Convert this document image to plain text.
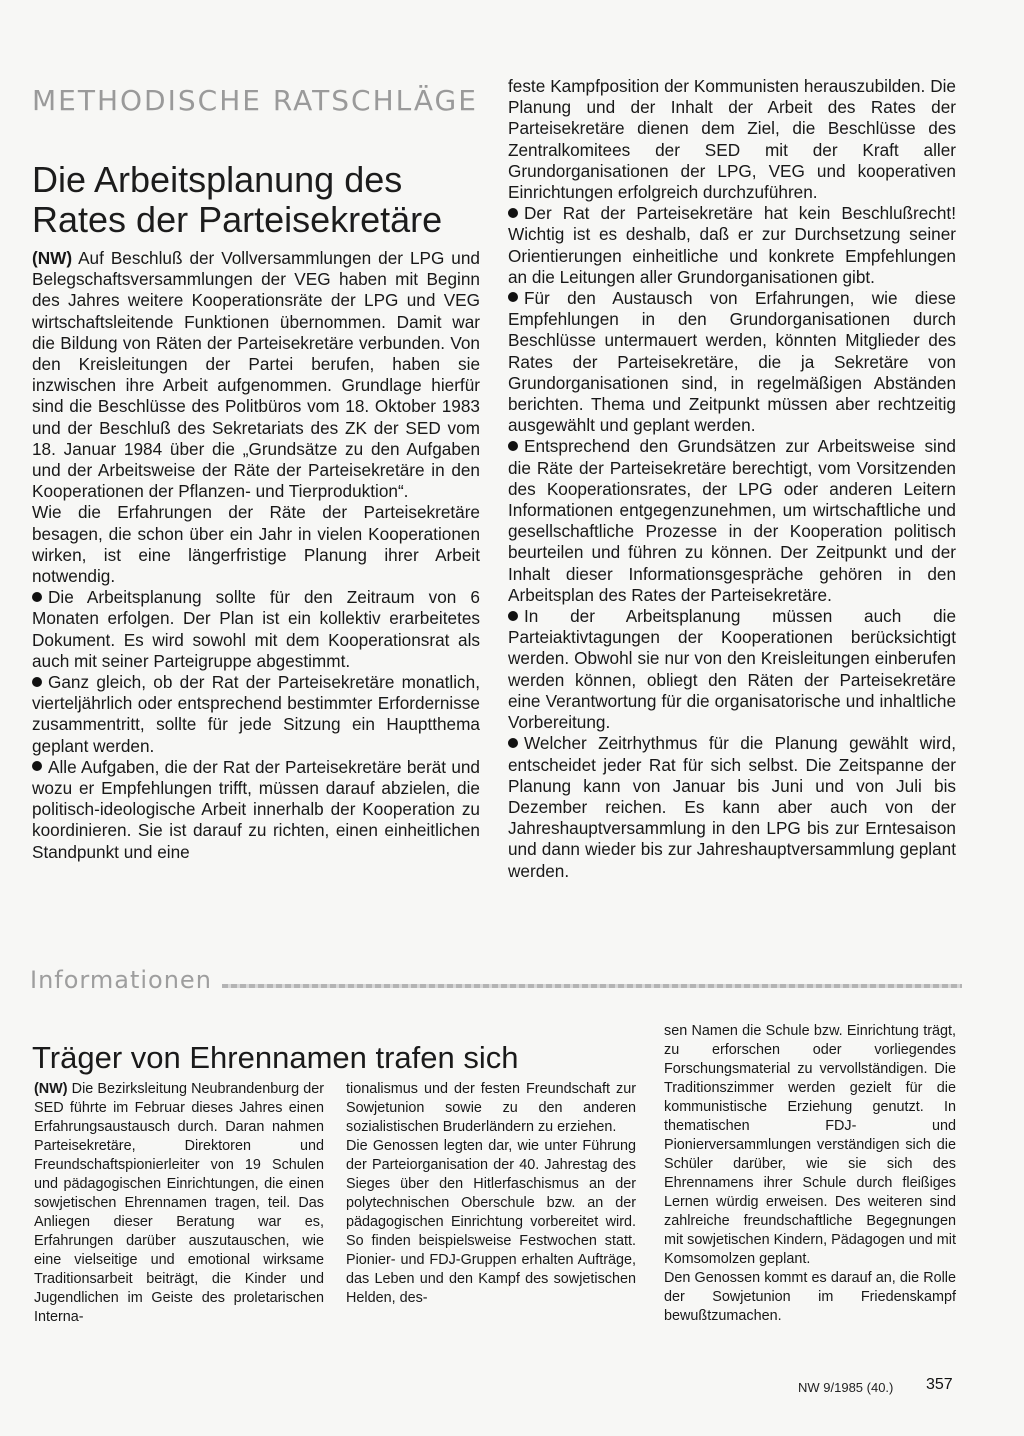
METHODISCHE RATSCHLÄGE
Die Arbeitsplanung des Rates der Parteisekretäre

(NW) Auf Beschluß der Vollversammlungen der LPG und Belegschaftsversammlungen der VEG haben mit Beginn des Jahres weitere Kooperationsräte der LPG und VEG wirtschaftsleitende Funktionen übernommen. Damit war die Bildung von Räten der Parteisekretäre verbunden. Von den Kreisleitungen der Partei berufen, haben sie inzwischen ihre Arbeit aufgenommen. Grundlage hierfür sind die Beschlüsse des Politbüros vom 18. Oktober 1983 und der Beschluß des Sekretariats des ZK der SED vom 18. Januar 1984 über die „Grundsätze zu den Aufgaben und der Arbeitsweise der Räte der Parteisekretäre in den Kooperationen der Pflanzen- und Tierproduktion“.

Wie die Erfahrungen der Räte der Parteisekretäre besagen, die schon über ein Jahr in vielen Kooperationen wirken, ist eine längerfristige Planung ihrer Arbeit notwendig.

Die Arbeitsplanung sollte für den Zeitraum von 6 Monaten erfolgen. Der Plan ist ein kollektiv erarbeitetes Dokument. Es wird sowohl mit dem Kooperationsrat als auch mit seiner Parteigruppe abgestimmt.

Ganz gleich, ob der Rat der Parteisekretäre monatlich, vierteljährlich oder entsprechend bestimmter Erfordernisse zusammentritt, sollte für jede Sitzung ein Hauptthema geplant werden.

Alle Aufgaben, die der Rat der Parteisekretäre berät und wozu er Empfehlungen trifft, müssen darauf abzielen, die politisch-ideologische Arbeit innerhalb der Kooperation zu koordinieren. Sie ist darauf zu richten, einen einheitlichen Standpunkt und eine

feste Kampfposition der Kommunisten herauszubilden. Die Planung und der Inhalt der Arbeit des Rates der Parteisekretäre dienen dem Ziel, die Beschlüsse des Zentralkomitees der SED mit der Kraft aller Grundorganisationen der LPG, VEG und kooperativen Einrichtungen erfolgreich durchzuführen.

Der Rat der Parteisekretäre hat kein Beschlußrecht! Wichtig ist es deshalb, daß er zur Durchsetzung seiner Orientierungen einheitliche und konkrete Empfehlungen an die Leitungen aller Grundorganisationen gibt.

Für den Austausch von Erfahrungen, wie diese Empfehlungen in den Grundorganisationen durch Beschlüsse untermauert werden, könnten Mitglieder des Rates der Parteisekretäre, die ja Sekretäre von Grundorganisationen sind, in regelmäßigen Abständen berichten. Thema und Zeitpunkt müssen aber rechtzeitig ausgewählt und geplant werden.

Entsprechend den Grundsätzen zur Arbeitsweise sind die Räte der Parteisekretäre berechtigt, vom Vorsitzenden des Kooperationsrates, der LPG oder anderen Leitern Informationen entgegenzunehmen, um wirtschaftliche und gesellschaftliche Prozesse in der Kooperation politisch beurteilen und führen zu können. Der Zeitpunkt und der Inhalt dieser Informationsgespräche gehören in den Arbeitsplan des Rates der Parteisekretäre.

In der Arbeitsplanung müssen auch die Parteiaktivtagungen der Kooperationen berücksichtigt werden. Obwohl sie nur von den Kreisleitungen einberufen werden können, obliegt den Räten der Parteisekretäre eine Verantwortung für die organisatorische und inhaltliche Vorbereitung.

Welcher Zeitrhythmus für die Planung gewählt wird, entscheidet jeder Rat für sich selbst. Die Zeitspanne der Planung kann von Januar bis Juni und von Juli bis Dezember reichen. Es kann aber auch von der Jahreshauptversammlung in den LPG bis zur Erntesaison und dann wieder bis zur Jahreshauptversammlung geplant werden.

Informationen
Träger von Ehrennamen trafen sich

(NW) Die Bezirksleitung Neubrandenburg der SED führte im Februar dieses Jahres einen Erfahrungsaustausch durch. Daran nahmen Parteisekretäre, Direktoren und Freundschaftspionierleiter von 19 Schulen und pädagogischen Einrichtungen, die einen sowjetischen Ehrennamen tragen, teil. Das Anliegen dieser Beratung war es, Erfahrungen darüber auszutauschen, wie eine vielseitige und emotional wirksame Traditionsarbeit beiträgt, die Kinder und Jugendlichen im Geiste des proletarischen Interna-

tionalismus und der festen Freundschaft zur Sowjetunion sowie zu den anderen sozialistischen Bruderländern zu erziehen.

Die Genossen legten dar, wie unter Führung der Parteiorganisation der 40. Jahrestag des Sieges über den Hitlerfaschismus an der polytechnischen Oberschule bzw. an der pädagogischen Einrichtung vorbereitet wird. So finden beispielsweise Festwochen statt. Pionier- und FDJ-Gruppen erhalten Aufträge, das Leben und den Kampf des sowjetischen Helden, des-

sen Namen die Schule bzw. Einrichtung trägt, zu erforschen oder vorliegendes Forschungsmaterial zu vervollständigen. Die Traditionszimmer werden gezielt für die kommunistische Erziehung genutzt. In thematischen FDJ- und Pionierversammlungen verständigen sich die Schüler darüber, wie sie sich des Ehrennamens ihrer Schule durch fleißiges Lernen würdig erweisen. Des weiteren sind zahlreiche freundschaftliche Begegnungen mit sowjetischen Kindern, Pädagogen und mit Komsomolzen geplant.

Den Genossen kommt es darauf an, die Rolle der Sowjetunion im Friedenskampf bewußtzumachen.

NW 9/1985 (40.) 357
